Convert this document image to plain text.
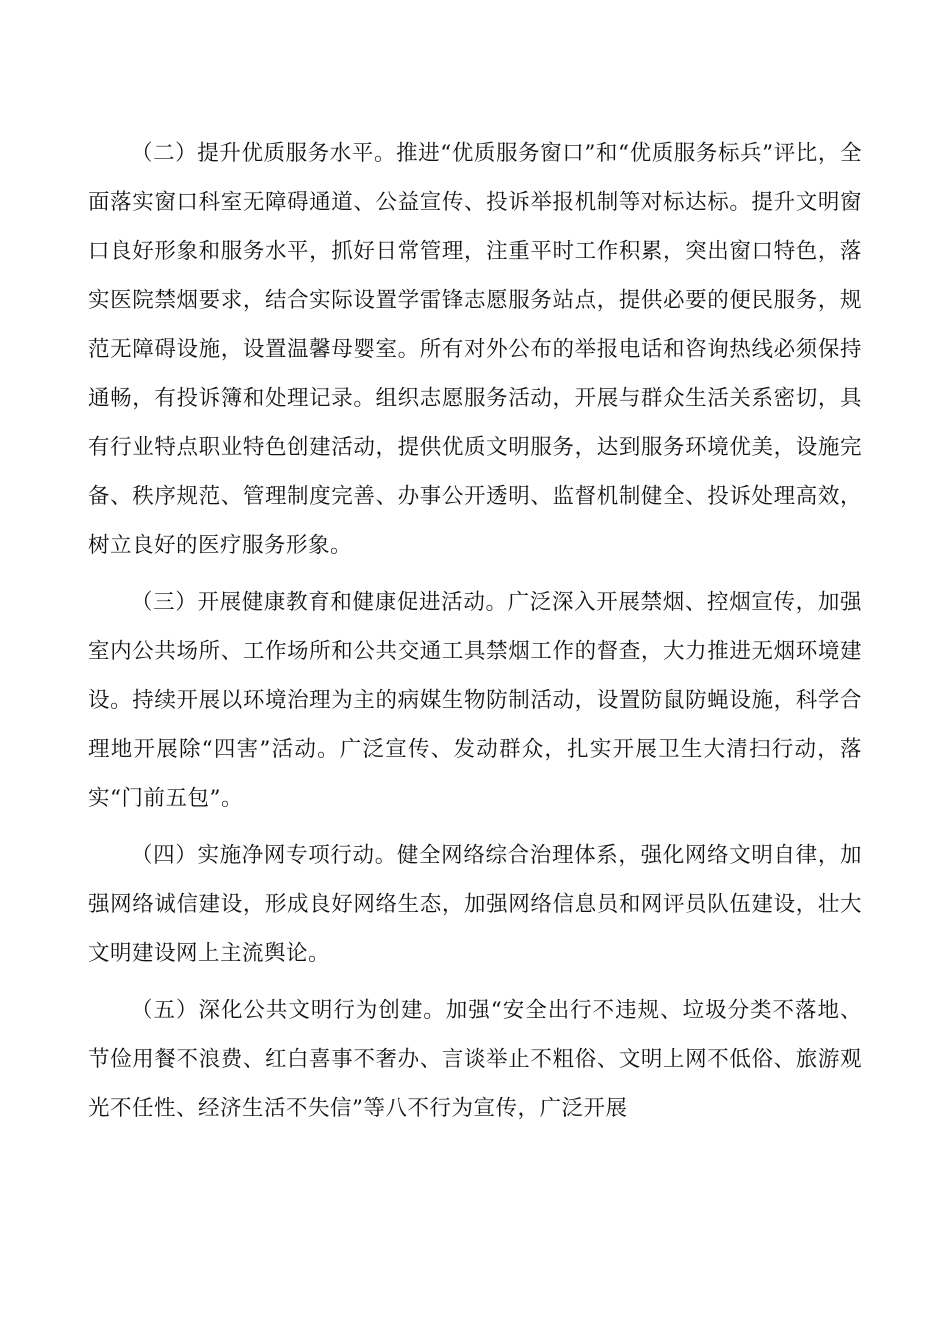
（二）提升优质服务水平。推进“优质服务窗口”和“优质服务标兵”评比，全面落实窗口科室无障碍通道、公益宣传、投诉举报机制等对标达标。提升文明窗口良好形象和服务水平，抓好日常管理，注重平时工作积累，突出窗口特色，落实医院禁烟要求，结合实际设置学雷锋志愿服务站点，提供必要的便民服务，规范无障碍设施，设置温馨母婴室。所有对外公布的举报电话和咨询热线必须保持通畅，有投诉簿和处理记录。组织志愿服务活动，开展与群众生活关系密切，具有行业特点职业特色创建活动，提供优质文明服务，达到服务环境优美，设施完备、秩序规范、管理制度完善、办事公开透明、监督机制健全、投诉处理高效，树立良好的医疗服务形象。

（三）开展健康教育和健康促进活动。广泛深入开展禁烟、控烟宣传，加强室内公共场所、工作场所和公共交通工具禁烟工作的督查，大力推进无烟环境建设。持续开展以环境治理为主的病媒生物防制活动，设置防鼠防蝇设施，科学合理地开展除“四害”活动。广泛宣传、发动群众，扎实开展卫生大清扫行动，落实“门前五包”。

（四）实施净网专项行动。健全网络综合治理体系，强化网络文明自律，加强网络诚信建设，形成良好网络生态，加强网络信息员和网评员队伍建设，壮大文明建设网上主流舆论。

（五）深化公共文明行为创建。加强“安全出行不违规、垃圾分类不落地、节俭用餐不浪费、红白喜事不奢办、言谈举止不粗俗、文明上网不低俗、旅游观光不任性、经济生活不失信”等八不行为宣传，广泛开展
